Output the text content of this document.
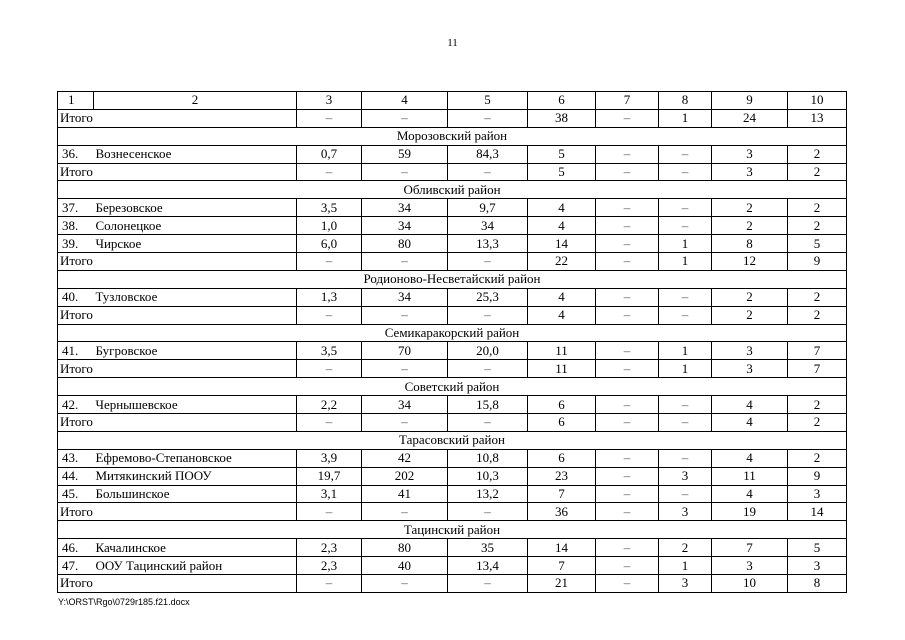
11
1	2	3	4	5	6	7	8	9	10
Итого		–	–	–	38	–	1	24	13
Морозовский район									
36.	Вознесенское	0,7	59	84,3	5	–	–	3	2
Итого		–	–	–	5	–	–	3	2
Обливский район									
37.	Березовское	3,5	34	9,7	4	–	–	2	2
38.	Солонецкое	1,0	34	34	4	–	–	2	2
39.	Чирское	6,0	80	13,3	14	–	1	8	5
Итого		–	–	–	22	–	1	12	9
Родионово-Несветайский район									
40.	Тузловское	1,3	34	25,3	4	–	–	2	2
Итого		–	–	–	4	–	–	2	2
Семикаракорский район									
41.	Бугровское	3,5	70	20,0	11	–	1	3	7
Итого		–	–	–	11	–	1	3	7
Советский район									
42.	Чернышевское	2,2	34	15,8	6	–	–	4	2
Итого		–	–	–	6	–	–	4	2
Тарасовский район									
43.	Ефремово-Степановское	3,9	42	10,8	6	–	–	4	2
44.	Митякинский ПООУ	19,7	202	10,3	23	–	3	11	9
45.	Большинское	3,1	41	13,2	7	–	–	4	3
Итого		–	–	–	36	–	3	19	14
Тацинский район									
46.	Качалинское	2,3	80	35	14	–	2	7	5
47.	ООУ Тацинский район	2,3	40	13,4	7	–	1	3	3
Итого		–	–	–	21	–	3	10	8
Y:\ORST\Rgo\0729r185.f21.docx
